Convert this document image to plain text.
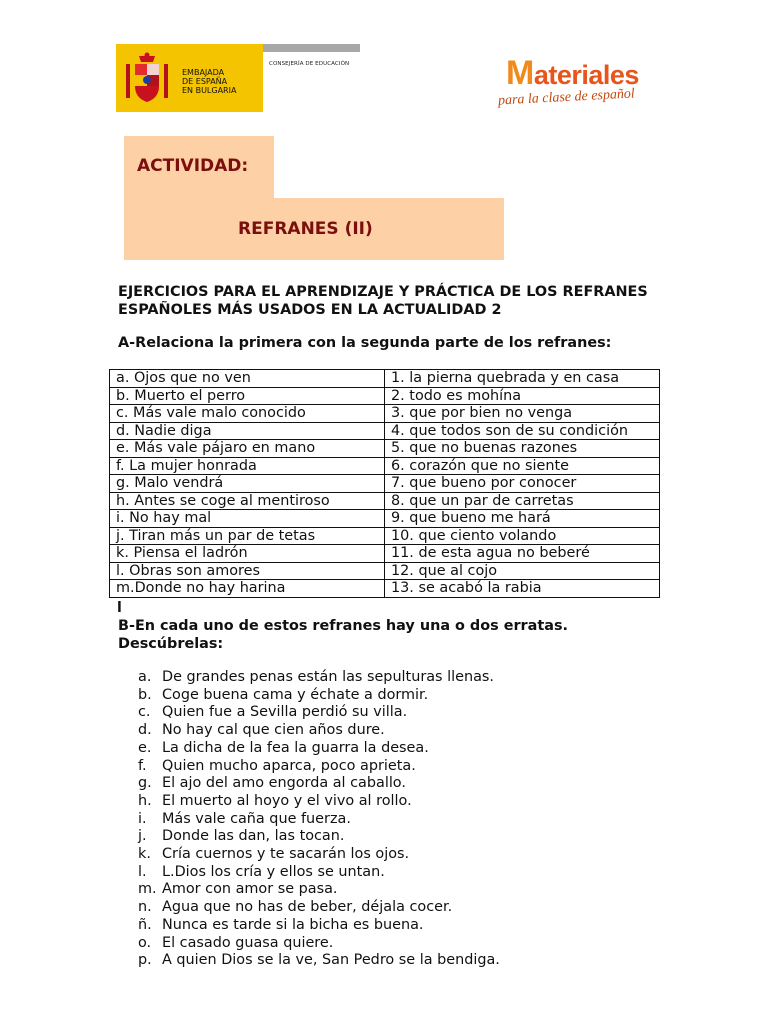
EMBAJADA
DE ESPAÑA
EN BULGARIA
CONSEJERÍA DE EDUCACIÓN	Materiales
para la clase de español
ACTIVIDAD:
REFRANES (II)
EJERCICIOS PARA EL APRENDIZAJE Y PRÁCTICA DE LOS REFRANES ESPAÑOLES MÁS USADOS EN LA ACTUALIDAD 2
A-Relaciona la primera con la segunda parte de los refranes:
a. Ojos que no ven	1. la pierna quebrada y en casa
b. Muerto el perro	2. todo es mohína
c. Más vale malo conocido	3. que por bien no venga
d. Nadie diga	4. que todos son de su condición
e. Más vale pájaro en mano	5. que no buenas razones
f. La mujer honrada	6. corazón que no siente
g. Malo vendrá	7. que bueno por conocer
h. Antes se coge al mentiroso	8. que un par de carretas
i. No hay mal	9. que bueno me hará
j. Tiran más un par de tetas	10. que ciento volando
k. Piensa el ladrón	11. de esta agua no beberé
l. Obras son amores	12. que al cojo
m.Donde no hay harina	13. se acabó la rabia
l
B-En cada uno de estos refranes hay una o dos erratas. Descúbrelas:
a. De grandes penas están las sepulturas llenas.
b. Coge buena cama y échate a dormir.
c. Quien fue a Sevilla perdió su villa.
d. No hay cal que cien años dure.
e. La dicha de la fea la guarra la desea.
f.	Quien mucho aparca, poco aprieta.
g. El ajo del amo engorda al caballo.
h. El muerto al hoyo y el vivo al rollo.
i.	Más vale caña que fuerza.
j.	Donde las dan, las tocan.
k. Cría cuernos y te sacarán los ojos.
l.	L.Dios los cría y ellos se untan.
m. Amor con amor se pasa.
n. Agua que no has de beber, déjala cocer.
ñ. Nunca es tarde si la bicha es buena.
o. El casado guasa quiere.
p. A quien Dios se la ve, San Pedro se la bendiga.
